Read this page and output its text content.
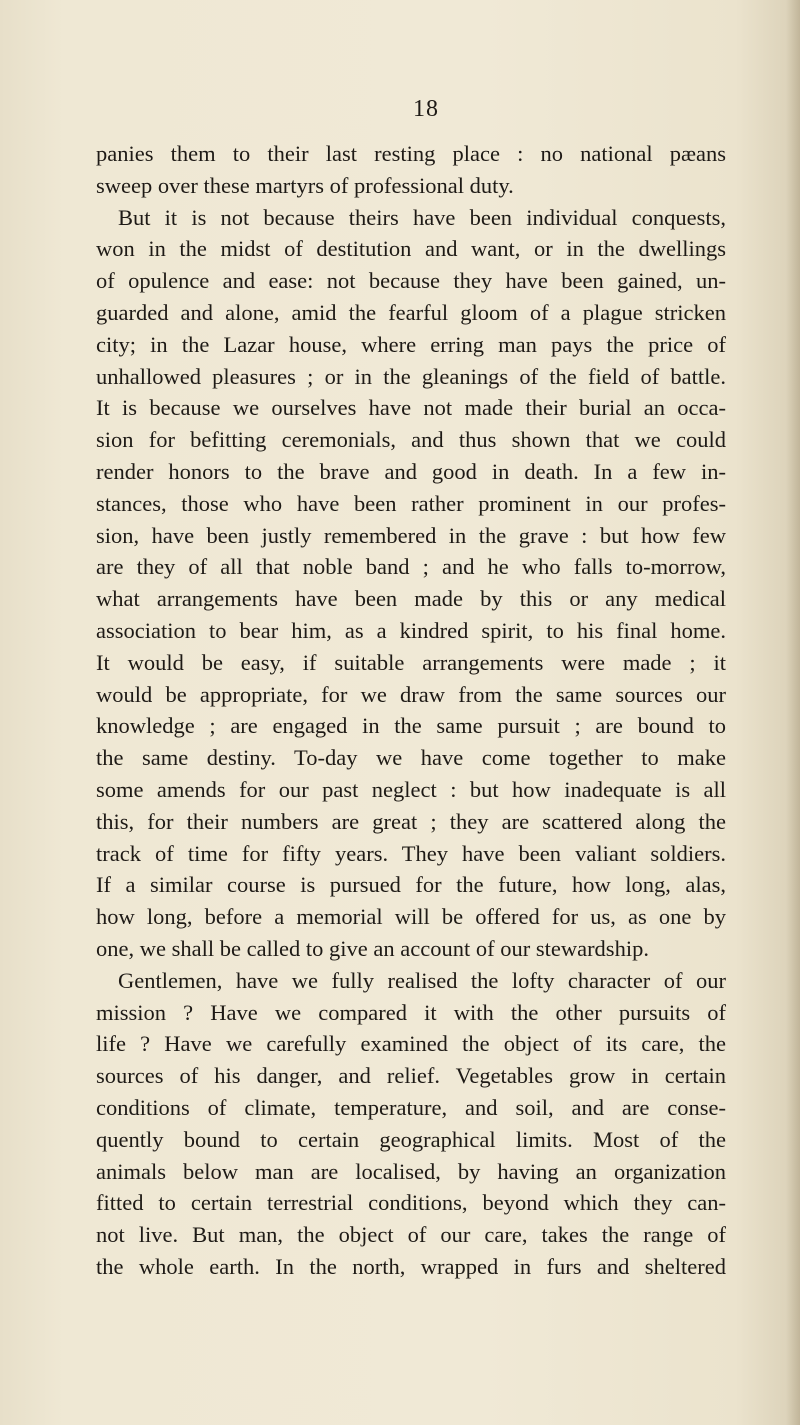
18
panies them to their last resting place : no national pæans
sweep over these martyrs of professional duty.
But it is not because theirs have been individual conquests,
won in the midst of destitution and want, or in the dwellings
of opulence and ease: not because they have been gained, un-
guarded and alone, amid the fearful gloom of a plague stricken
city; in the Lazar house, where erring man pays the price of
unhallowed pleasures ; or in the gleanings of the field of battle.
It is because we ourselves have not made their burial an occa-
sion for befitting ceremonials, and thus shown that we could
render honors to the brave and good in death. In a few in-
stances, those who have been rather prominent in our profes-
sion, have been justly remembered in the grave : but how few
are they of all that noble band ; and he who falls to-morrow,
what arrangements have been made by this or any medical
association to bear him, as a kindred spirit, to his final home.
It would be easy, if suitable arrangements were made ; it
would be appropriate, for we draw from the same sources our
knowledge ; are engaged in the same pursuit ; are bound to
the same destiny. To-day we have come together to make
some amends for our past neglect : but how inadequate is all
this, for their numbers are great ; they are scattered along the
track of time for fifty years. They have been valiant soldiers.
If a similar course is pursued for the future, how long, alas,
how long, before a memorial will be offered for us, as one by
one, we shall be called to give an account of our stewardship.
Gentlemen, have we fully realised the lofty character of our
mission ? Have we compared it with the other pursuits of
life ? Have we carefully examined the object of its care, the
sources of his danger, and relief. Vegetables grow in certain
conditions of climate, temperature, and soil, and are conse-
quently bound to certain geographical limits. Most of the
animals below man are localised, by having an organization
fitted to certain terrestrial conditions, beyond which they can-
not live. But man, the object of our care, takes the range of
the whole earth. In the north, wrapped in furs and sheltered
